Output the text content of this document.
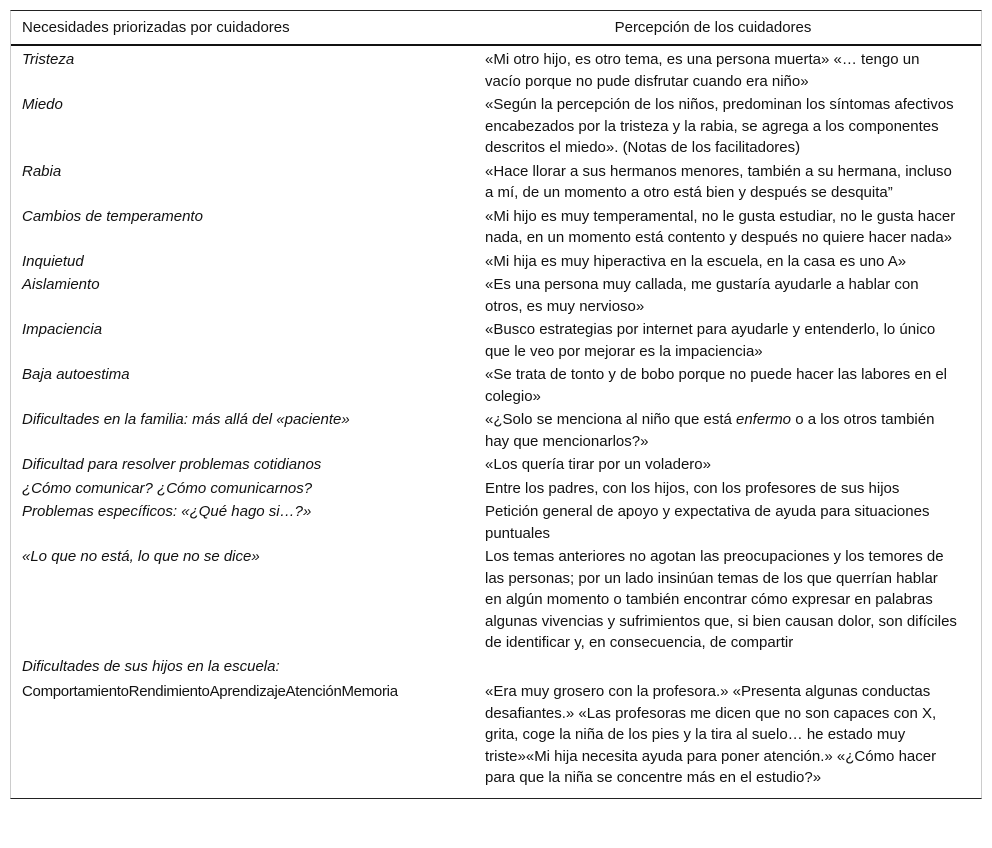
Necesidades priorizadas por cuidadores	Percepción de los cuidadores
Tristeza	«Mi otro hijo, es otro tema, es una persona muerta» «… tengo un vacío porque no pude disfrutar cuando era niño»
Miedo	«Según la percepción de los niños, predominan los síntomas afectivos encabezados por la tristeza y la rabia, se agrega a los componentes descritos el miedo». (Notas de los facilitadores)
Rabia	«Hace llorar a sus hermanos menores, también a su hermana, incluso a mí, de un momento a otro está bien y después se desquita”
Cambios de temperamento	«Mi hijo es muy temperamental, no le gusta estudiar, no le gusta hacer nada, en un momento está contento y después no quiere hacer nada»
Inquietud	«Mi hija es muy hiperactiva en la escuela, en la casa es uno A»
Aislamiento	«Es una persona muy callada, me gustaría ayudarle a hablar con otros, es muy nervioso»
Impaciencia	«Busco estrategias por internet para ayudarle y entenderlo, lo único que le veo por mejorar es la impaciencia»
Baja autoestima	«Se trata de tonto y de bobo porque no puede hacer las labores en el colegio»
Dificultades en la familia: más allá del «paciente»	«¿Solo se menciona al niño que está enfermo o a los otros también hay que mencionarlos?»
Dificultad para resolver problemas cotidianos	«Los quería tirar por un voladero»
¿Cómo comunicar? ¿Cómo comunicarnos?	Entre los padres, con los hijos, con los profesores de sus hijos
Problemas específicos: «¿Qué hago si…?»	Petición general de apoyo y expectativa de ayuda para situaciones puntuales
«Lo que no está, lo que no se dice»	Los temas anteriores no agotan las preocupaciones y los temores de las personas; por un lado insinúan temas de los que querrían hablar en algún momento o también encontrar cómo expresar en palabras algunas vivencias y sufrimientos que, si bien causan dolor, son difíciles de identificar y, en consecuencia, de compartir
Dificultades de sus hijos en la escuela:
ComportamientoRendimientoAprendizajeAtenciónMemoria	«Era muy grosero con la profesora.» «Presenta algunas conductas desafiantes.» «Las profesoras me dicen que no son capaces con X, grita, coge la niña de los pies y la tira al suelo… he estado muy triste»«Mi hija necesita ayuda para poner atención.» «¿Cómo hacer para que la niña se concentre más en el estudio?»
